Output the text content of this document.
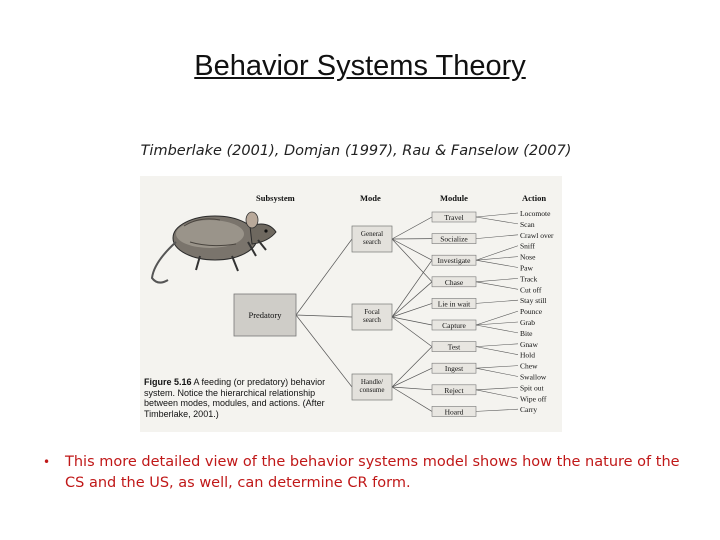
Behavior Systems Theory
Timberlake (2001), Domjan (1997), Rau & Fanselow (2007)
Subsystem	Mode	Module	Action
Predatory
General
search
Focal
search
Handle/
consume
Travel
Socialize
Investigate
Chase
Lie in wait
Capture
Test
Ingest
Reject
Hoard
Locomote
Scan
Crawl over
Sniff
Nose
Paw
Track
Cut off
Stay still
Pounce
Grab
Bite
Gnaw
Hold
Chew
Swallow
Spit out
Wipe off
Carry
Figure 5.16 A feeding (or predatory) behavior system. Notice the hierarchical relationship between modes, modules, and actions. (After Timberlake, 2001.)
• This more detailed view of the behavior systems model shows how the nature of the CS and the US, as well, can determine CR form.
